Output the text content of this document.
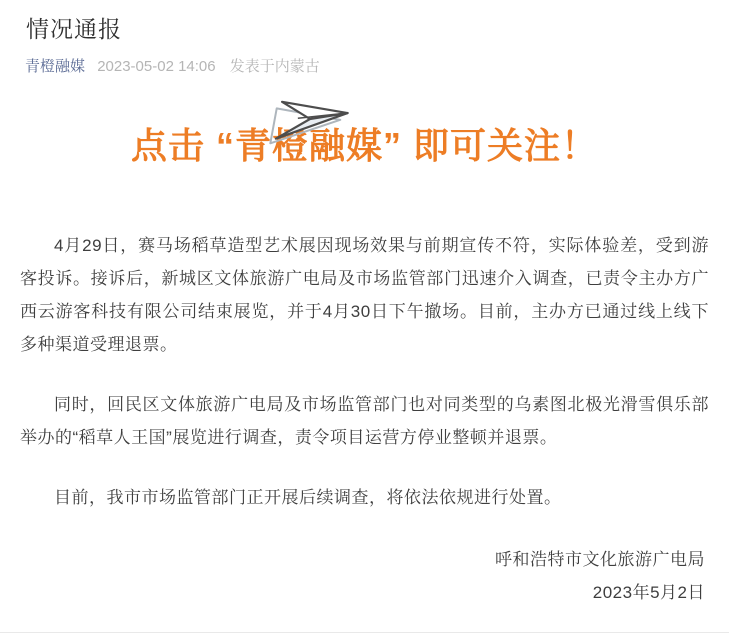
情况通报
青橙融媒 2023-05-02 14:06 发表于内蒙古
点击 “青橙融媒” 即可关注！

4月29日，赛马场稻草造型艺术展因现场效果与前期宣传不符，实际体验差，受到游客投诉。接诉后，新城区文体旅游广电局及市场监管部门迅速介入调查，已责令主办方广西云游客科技有限公司结束展览，并于4月30日下午撤场。目前，主办方已通过线上线下多种渠道受理退票。

同时，回民区文体旅游广电局及市场监管部门也对同类型的乌素图北极光滑雪俱乐部举办的“稻草人王国”展览进行调查，责令项目运营方停业整顿并退票。

目前，我市市场监管部门正开展后续调查，将依法依规进行处置。

呼和浩特市文化旅游广电局
2023年5月2日
